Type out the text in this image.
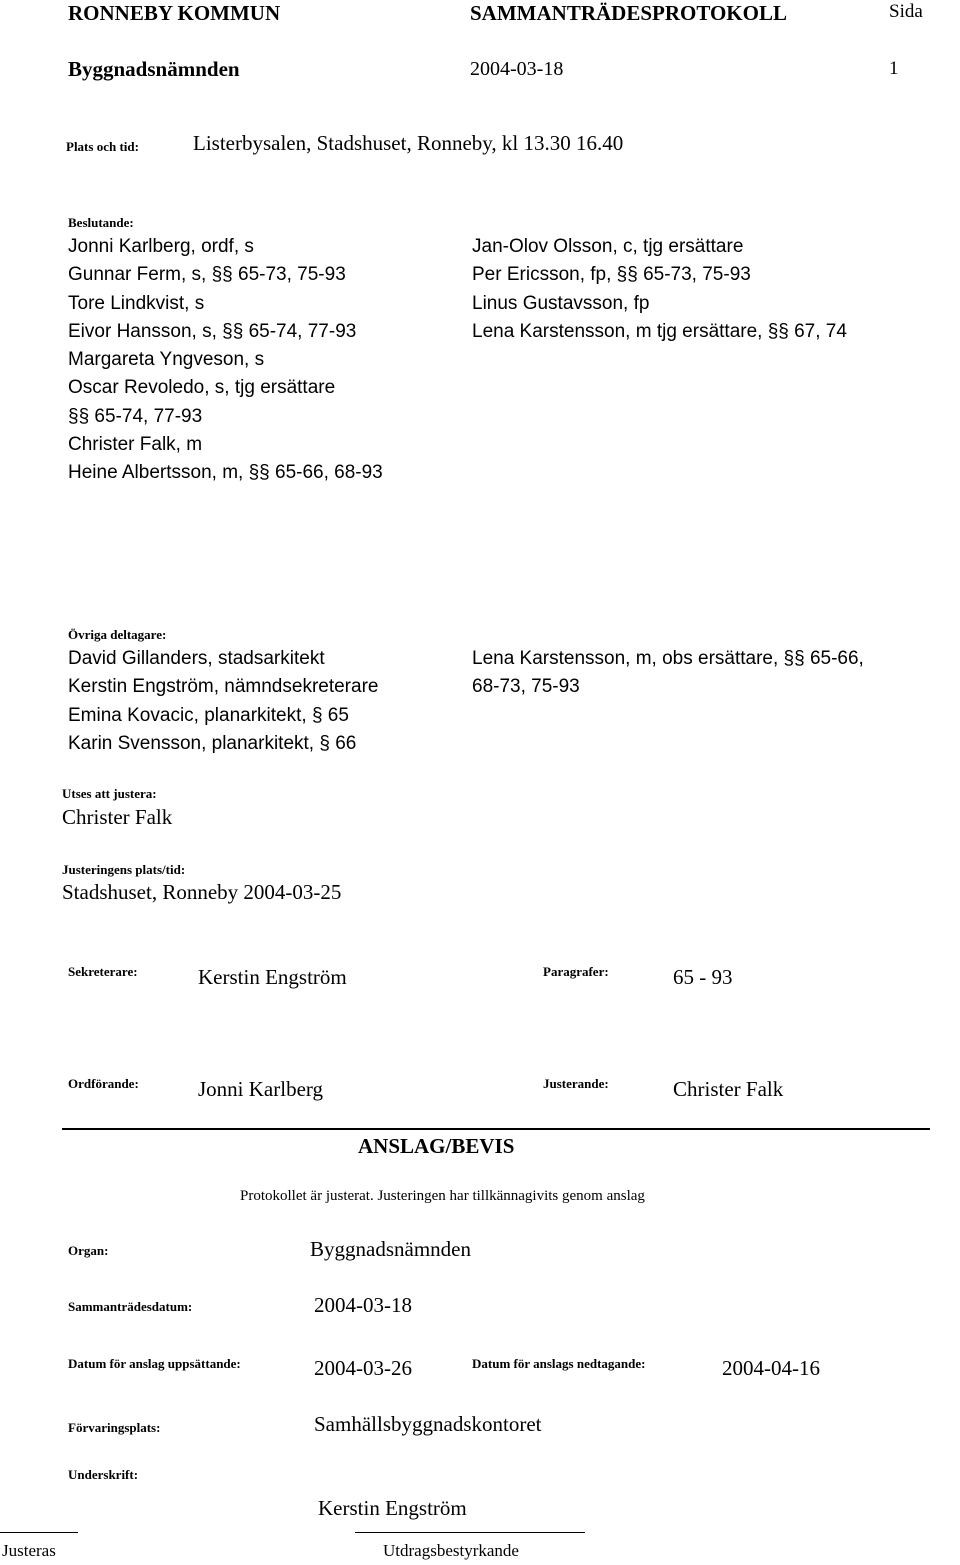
RONNEBY KOMMUN	SAMMANTRÄDESPROTOKOLL	Sida
Byggnadsnämnden	2004-03-18	1
Plats och tid:	Listerbysalen, Stadshuset, Ronneby, kl 13.30 16.40
Beslutande:
Jonni Karlberg, ordf, s
Gunnar Ferm, s, §§ 65-73, 75-93
Tore Lindkvist, s
Eivor Hansson, s, §§ 65-74, 77-93
Margareta Yngveson, s
Oscar Revoledo, s, tjg ersättare
§§ 65-74, 77-93
Christer Falk, m
Heine Albertsson, m, §§ 65-66, 68-93
Jan-Olov Olsson, c, tjg ersättare
Per Ericsson, fp, §§ 65-73, 75-93
Linus Gustavsson, fp
Lena Karstensson, m tjg ersättare, §§ 67, 74
Övriga deltagare:
David Gillanders, stadsarkitekt
Kerstin Engström, nämndsekreterare
Emina Kovacic, planarkitekt, § 65
Karin Svensson, planarkitekt, § 66
Lena Karstensson, m, obs ersättare, §§ 65-66,
68-73, 75-93
Utses att justera:
Christer Falk
Justeringens plats/tid:
Stadshuset, Ronneby 2004-03-25
Sekreterare:	Kerstin Engström	Paragrafer:	65 - 93
Ordförande:	Jonni Karlberg	Justerande:	Christer Falk
ANSLAG/BEVIS
Protokollet är justerat. Justeringen har tillkännagivits genom anslag
Organ:	Byggnadsnämnden
Sammanträdesdatum:	2004-03-18
Datum för anslag uppsättande:	2004-03-26	Datum för anslags nedtagande:	2004-04-16
Förvaringsplats:	Samhällsbyggnadskontoret
Underskrift:
Kerstin Engström
Justeras	Utdragsbestyrkande
